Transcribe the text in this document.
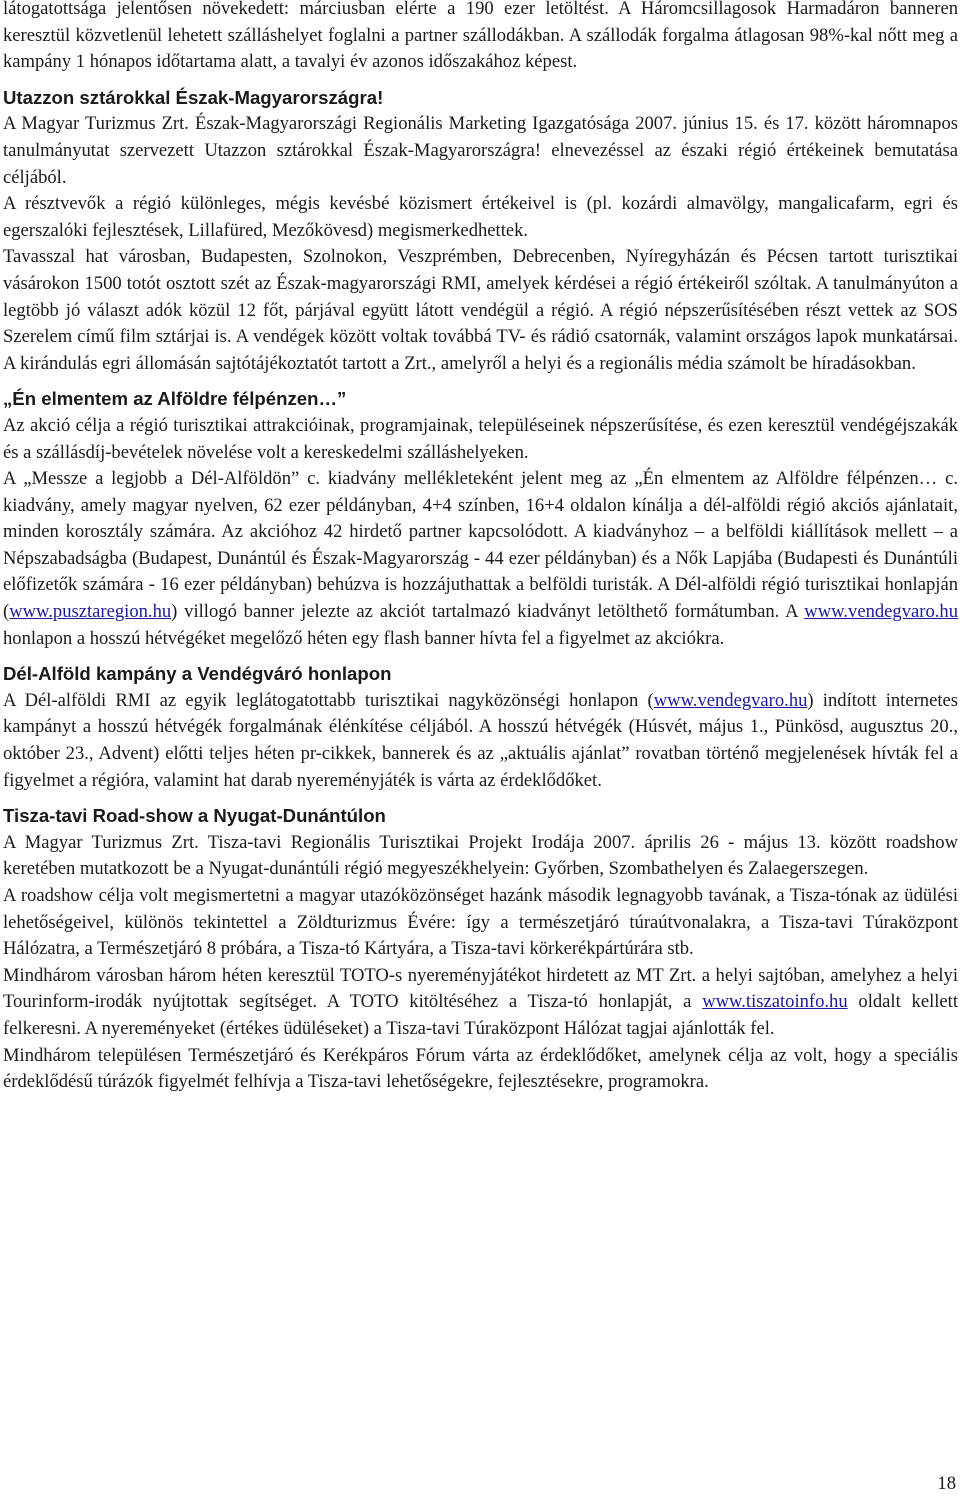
látogatottsága jelentősen növekedett: márciusban elérte a 190 ezer letöltést. A Háromcsillagosok Harmadáron banneren keresztül közvetlenül lehetett szálláshelyet foglalni a partner szállodákban. A szállodák forgalma átlagosan 98%-kal nőtt meg a kampány 1 hónapos időtartama alatt, a tavalyi év azonos időszakához képest.

Utazzon sztárokkal Észak-Magyarországra!

A Magyar Turizmus Zrt. Észak-Magyarországi Regionális Marketing Igazgatósága 2007. június 15. és 17. között háromnapos tanulmányutat szervezett Utazzon sztárokkal Észak-Magyarországra! elnevezéssel az északi régió értékeinek bemutatása céljából.

A résztvevők a régió különleges, mégis kevésbé közismert értékeivel is (pl. kozárdi almavölgy, mangalicafarm, egri és egerszalóki fejlesztések, Lillafüred, Mezőkövesd) megismerkedhettek.

Tavasszal hat városban, Budapesten, Szolnokon, Veszprémben, Debrecenben, Nyíregyházán és Pécsen tartott turisztikai vásárokon 1500 totót osztott szét az Észak-magyarországi RMI, amelyek kérdései a régió értékeiről szóltak. A tanulmányúton a legtöbb jó választ adók közül 12 főt, párjával együtt látott vendégül a régió. A régió népszerűsítésében részt vettek az SOS Szerelem című film sztárjai is. A vendégek között voltak továbbá TV- és rádió csatornák, valamint országos lapok munkatársai. A kirándulás egri állomásán sajtótájékoztatót tartott a Zrt., amelyről a helyi és a regionális média számolt be híradásokban.

„Én elmentem az Alföldre félpénzen…”

Az akció célja a régió turisztikai attrakcióinak, programjainak, településeinek népszerűsítése, és ezen keresztül vendégéjszakák és a szállásdíj-bevételek növelése volt a kereskedelmi szálláshelyeken.

A „Messze a legjobb a Dél-Alföldön” c. kiadvány mellékleteként jelent meg az „Én elmentem az Alföldre félpénzen… c. kiadvány, amely magyar nyelven, 62 ezer példányban, 4+4 színben, 16+4 oldalon kínálja a dél-alföldi régió akciós ajánlatait, minden korosztály számára. Az akcióhoz 42 hirdető partner kapcsolódott. A kiadványhoz – a belföldi kiállítások mellett – a Népszabadságba (Budapest, Dunántúl és Észak-Magyarország - 44 ezer példányban) és a Nők Lapjába (Budapesti és Dunántúli előfizetők számára - 16 ezer példányban) behúzva is hozzájuthattak a belföldi turisták. A Dél-alföldi régió turisztikai honlapján (www.pusztaregion.hu) villogó banner jelezte az akciót tartalmazó kiadványt letölthető formátumban. A www.vendegvaro.hu honlapon a hosszú hétvégéket megelőző héten egy flash banner hívta fel a figyelmet az akciókra.

Dél-Alföld kampány a Vendégváró honlapon

A Dél-alföldi RMI az egyik leglátogatottabb turisztikai nagyközönségi honlapon (www.vendegvaro.hu) indított internetes kampányt a hosszú hétvégék forgalmának élénkítése céljából. A hosszú hétvégék (Húsvét, május 1., Pünkösd, augusztus 20., október 23., Advent) előtti teljes héten pr-cikkek, bannerek és az „aktuális ajánlat” rovatban történő megjelenések hívták fel a figyelmet a régióra, valamint hat darab nyereményjáték is várta az érdeklődőket.

Tisza-tavi Road-show a Nyugat-Dunántúlon

A Magyar Turizmus Zrt. Tisza-tavi Regionális Turisztikai Projekt Irodája 2007. április 26 - május 13. között roadshow keretében mutatkozott be a Nyugat-dunántúli régió megyeszékhelyein: Győrben, Szombathelyen és Zalaegerszegen.

A roadshow célja volt megismertetni a magyar utazóközönséget hazánk második legnagyobb tavának, a Tisza-tónak az üdülési lehetőségeivel, különös tekintettel a Zöldturizmus Évére: így a természetjáró túraútvonalakra, a Tisza-tavi Túraközpont Hálózatra, a Természetjáró 8 próbára, a Tisza-tó Kártyára, a Tisza-tavi körkerékpártúrára stb.

Mindhárom városban három héten keresztül TOTO-s nyereményjátékot hirdetett az MT Zrt. a helyi sajtóban, amelyhez a helyi Tourinform-irodák nyújtottak segítséget. A TOTO kitöltéséhez a Tisza-tó honlapját, a www.tiszatoinfo.hu oldalt kellett felkeresni. A nyereményeket (értékes üdüléseket) a Tisza-tavi Túraközpont Hálózat tagjai ajánlották fel.

Mindhárom településen Természetjáró és Kerékpáros Fórum várta az érdeklődőket, amelynek célja az volt, hogy a speciális érdeklődésű túrázók figyelmét felhívja a Tisza-tavi lehetőségekre, fejlesztésekre, programokra.

18
